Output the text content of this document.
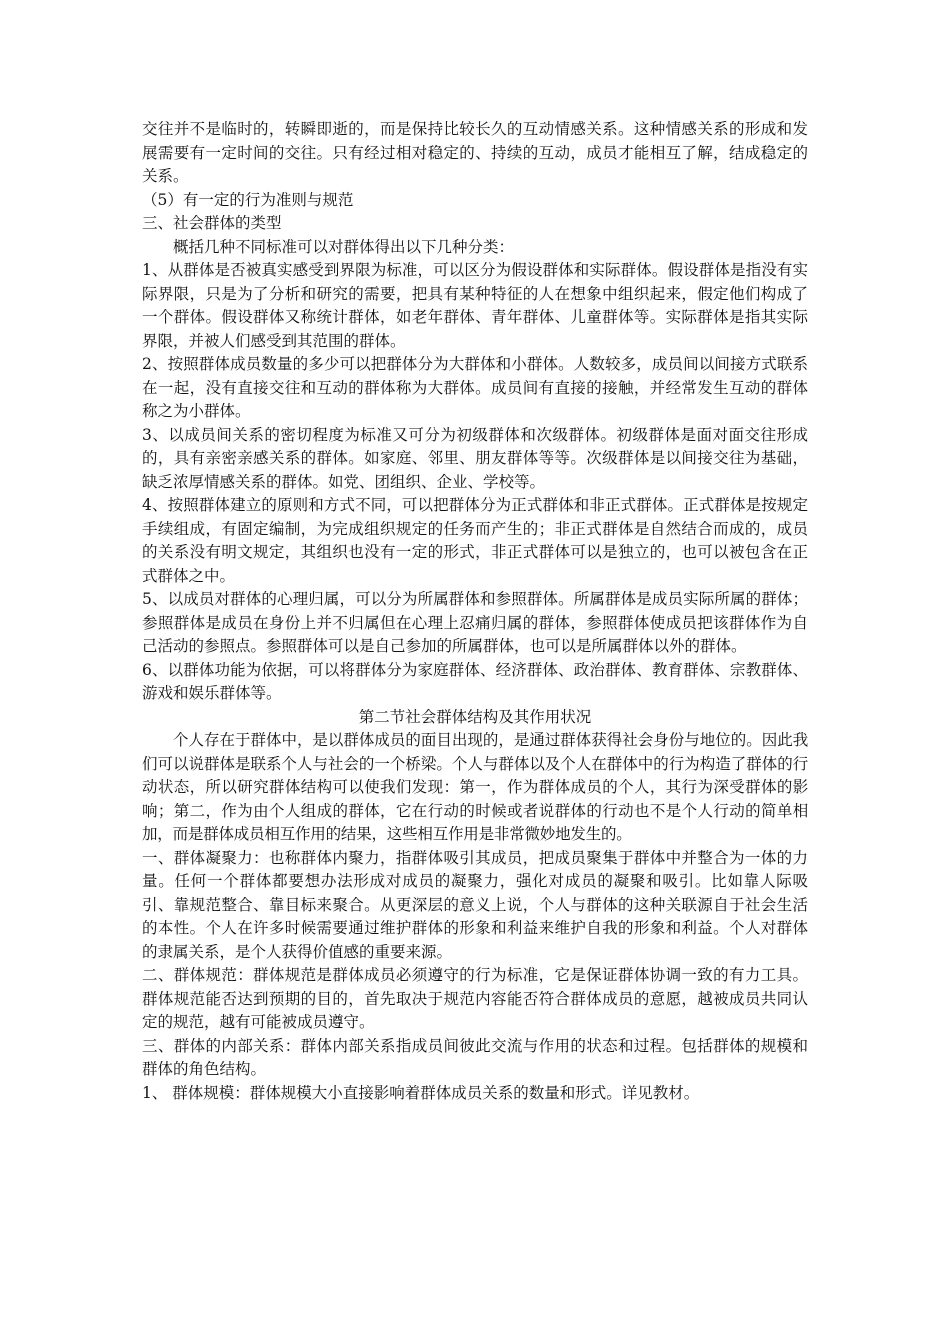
交往并不是临时的，转瞬即逝的，而是保持比较长久的互动情感关系。这种情感关系的形成和发展需要有一定时间的交往。只有经过相对稳定的、持续的互动，成员才能相互了解，结成稳定的关系。

（5）有一定的行为准则与规范

三、社会群体的类型

概括几种不同标准可以对群体得出以下几种分类：

1、从群体是否被真实感受到界限为标准，可以区分为假设群体和实际群体。假设群体是指没有实际界限，只是为了分析和研究的需要，把具有某种特征的人在想象中组织起来，假定他们构成了一个群体。假设群体又称统计群体，如老年群体、青年群体、儿童群体等。实际群体是指其实际界限，并被人们感受到其范围的群体。

2、按照群体成员数量的多少可以把群体分为大群体和小群体。人数较多，成员间以间接方式联系在一起，没有直接交往和互动的群体称为大群体。成员间有直接的接触，并经常发生互动的群体称之为小群体。

3、以成员间关系的密切程度为标准又可分为初级群体和次级群体。初级群体是面对面交往形成的，具有亲密亲感关系的群体。如家庭、邻里、朋友群体等等。次级群体是以间接交往为基础，缺乏浓厚情感关系的群体。如党、团组织、企业、学校等。

4、按照群体建立的原则和方式不同，可以把群体分为正式群体和非正式群体。正式群体是按规定手续组成，有固定编制，为完成组织规定的任务而产生的；非正式群体是自然结合而成的，成员的关系没有明文规定，其组织也没有一定的形式，非正式群体可以是独立的，也可以被包含在正式群体之中。

5、以成员对群体的心理归属，可以分为所属群体和参照群体。所属群体是成员实际所属的群体；参照群体是成员在身份上并不归属但在心理上忍痛归属的群体，参照群体使成员把该群体作为自己活动的参照点。参照群体可以是自己参加的所属群体，也可以是所属群体以外的群体。

6、以群体功能为依据，可以将群体分为家庭群体、经济群体、政治群体、教育群体、宗教群体、游戏和娱乐群体等。

第二节社会群体结构及其作用状况

个人存在于群体中，是以群体成员的面目出现的，是通过群体获得社会身份与地位的。因此我们可以说群体是联系个人与社会的一个桥梁。个人与群体以及个人在群体中的行为构造了群体的行动状态，所以研究群体结构可以使我们发现：第一，作为群体成员的个人，其行为深受群体的影响；第二，作为由个人组成的群体，它在行动的时候或者说群体的行动也不是个人行动的简单相加，而是群体成员相互作用的结果，这些相互作用是非常微妙地发生的。

一、群体凝聚力：也称群体内聚力，指群体吸引其成员，把成员聚集于群体中并整合为一体的力量。任何一个群体都要想办法形成对成员的凝聚力，强化对成员的凝聚和吸引。比如靠人际吸引、靠规范整合、靠目标来聚合。从更深层的意义上说，个人与群体的这种关联源自于社会生活的本性。个人在许多时候需要通过维护群体的形象和利益来维护自我的形象和利益。个人对群体的隶属关系，是个人获得价值感的重要来源。

二、群体规范：群体规范是群体成员必须遵守的行为标准，它是保证群体协调一致的有力工具。群体规范能否达到预期的目的，首先取决于规范内容能否符合群体成员的意愿，越被成员共同认定的规范，越有可能被成员遵守。

三、群体的内部关系：群体内部关系指成员间彼此交流与作用的状态和过程。包括群体的规模和群体的角色结构。

1、 群体规模：群体规模大小直接影响着群体成员关系的数量和形式。详见教材。
